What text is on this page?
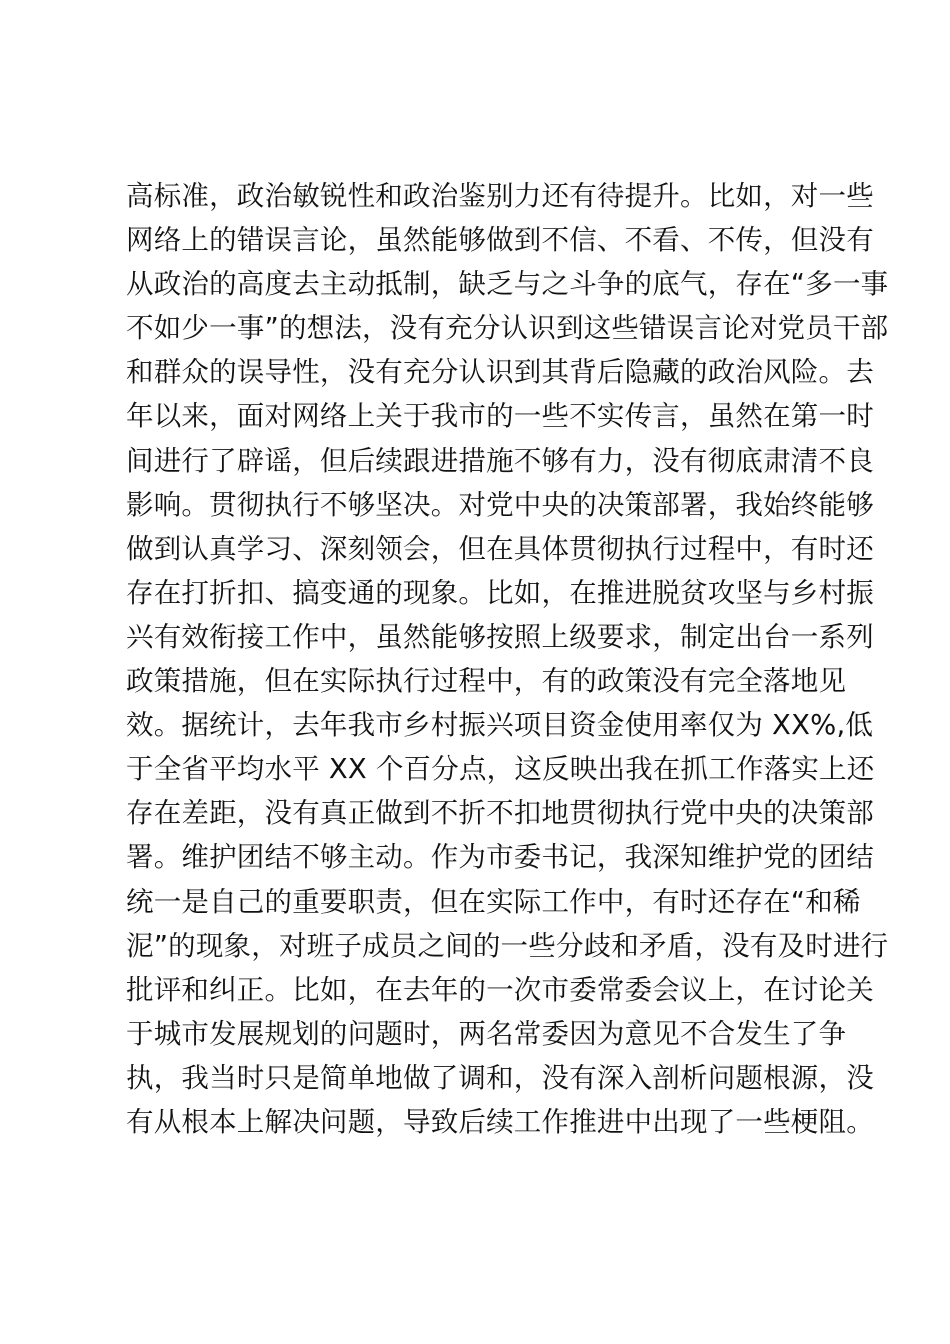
高标准，政治敏锐性和政治鉴别力还有待提升。比如，对一些
网络上的错误言论，虽然能够做到不信、不看、不传，但没有
从政治的高度去主动抵制，缺乏与之斗争的底气，存在“多一事
不如少一事”的想法，没有充分认识到这些错误言论对党员干部
和群众的误导性，没有充分认识到其背后隐藏的政治风险。去
年以来，面对网络上关于我市的一些不实传言，虽然在第一时
间进行了辟谣，但后续跟进措施不够有力，没有彻底肃清不良
影响。贯彻执行不够坚决。对党中央的决策部署，我始终能够
做到认真学习、深刻领会，但在具体贯彻执行过程中，有时还
存在打折扣、搞变通的现象。比如，在推进脱贫攻坚与乡村振
兴有效衔接工作中，虽然能够按照上级要求，制定出台一系列
政策措施，但在实际执行过程中，有的政策没有完全落地见
效。据统计，去年我市乡村振兴项目资金使用率仅为 XX%,低
于全省平均水平 XX 个百分点，这反映出我在抓工作落实上还
存在差距，没有真正做到不折不扣地贯彻执行党中央的决策部
署。维护团结不够主动。作为市委书记，我深知维护党的团结
统一是自己的重要职责，但在实际工作中，有时还存在“和稀
泥”的现象，对班子成员之间的一些分歧和矛盾，没有及时进行
批评和纠正。比如，在去年的一次市委常委会议上，在讨论关
于城市发展规划的问题时，两名常委因为意见不合发生了争
执，我当时只是简单地做了调和，没有深入剖析问题根源，没
有从根本上解决问题，导致后续工作推进中出现了一些梗阻。
